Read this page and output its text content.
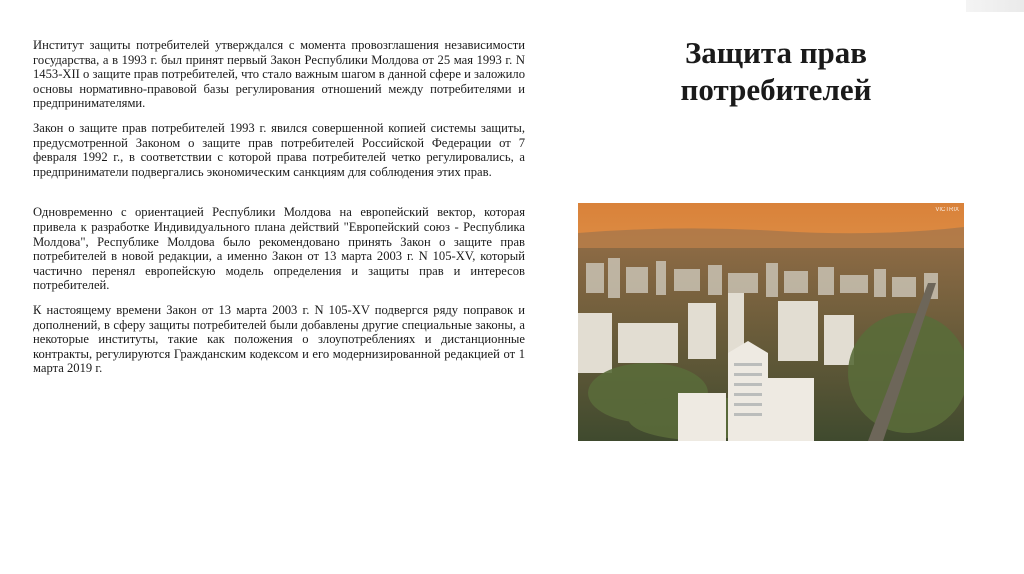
Институт защиты потребителей утверждался с момента провозглашения независимости государства, а в 1993 г. был принят первый Закон Республики Молдова от 25 мая 1993 г. N 1453-XII о защите прав потребителей, что стало важным шагом в данной сфере и заложило основы нормативно-правовой базы регулирования отношений между потребителями и предпринимателями.

Закон о защите прав потребителей 1993 г. явился совершенной копией системы защиты, предусмотренной Законом о защите прав потребителей Российской Федерации от 7 февраля 1992 г., в соответствии с которой права потребителей четко регулировались, а предприниматели подвергались экономическим санкциям для соблюдения этих прав.

Одновременно с ориентацией Республики Молдова на европейский вектор, которая привела к разработке Индивидуального плана действий "Европейский союз - Республика Молдова", Республике Молдова было рекомендовано принять Закон о защите прав потребителей в новой редакции, а именно Закон от 13 марта 2003 г. N 105-XV, который частично перенял европейскую модель определения и защиты прав и интересов потребителей.

К настоящему времени Закон от 13 марта 2003 г. N 105-XV подвергся ряду поправок и дополнений, в сферу защиты потребителей были добавлены другие специальные законы, а некоторые институты, такие как положения о злоупотреблениях и дистанционные контракты, регулируются Гражданским кодексом и его модернизированной редакцией от 1 марта 2019 г.

Защита прав потребителей
VICTRIX
